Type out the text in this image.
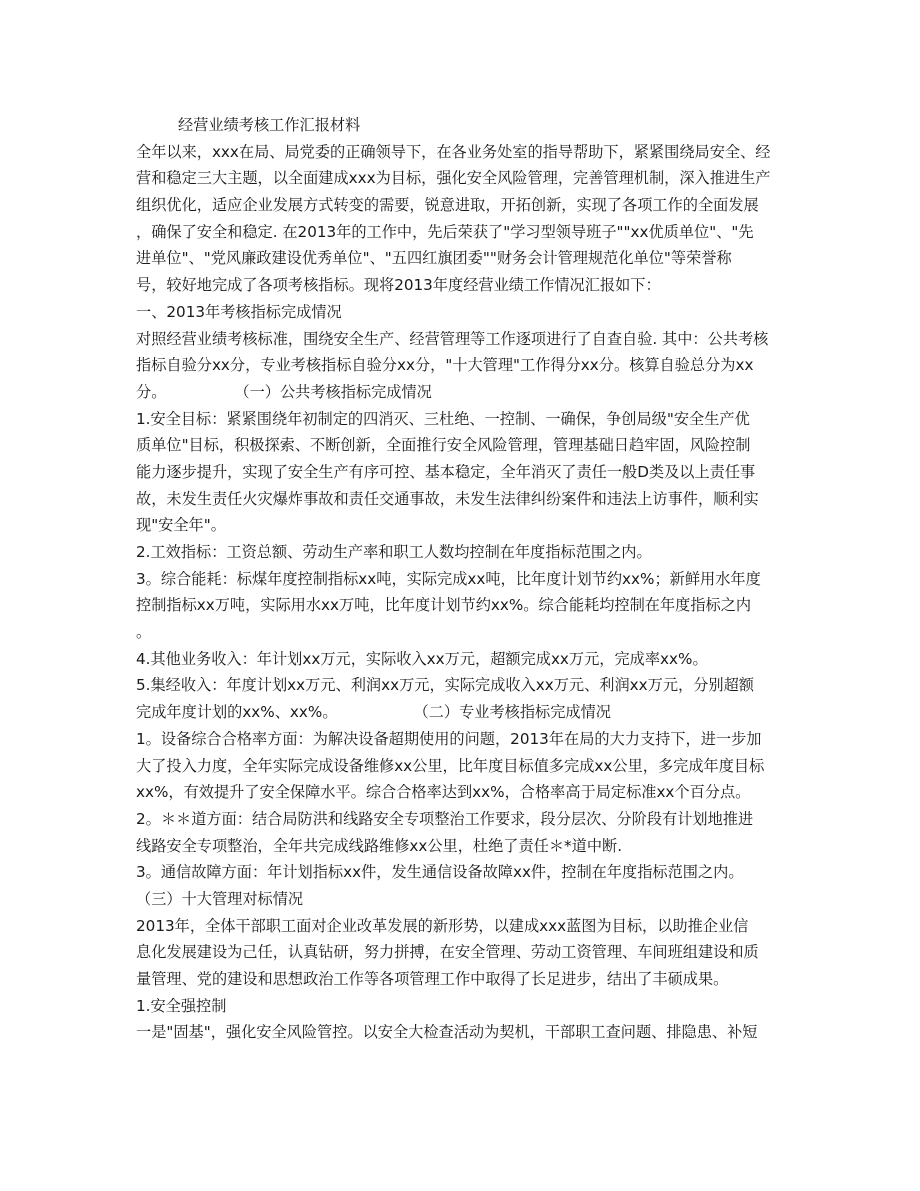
经营业绩考核工作汇报材料
全年以来，xxx在局、局党委的正确领导下，在各业务处室的指导帮助下，紧紧围绕局安全、经
营和稳定三大主题，以全面建成xxx为目标，强化安全风险管理，完善管理机制，深入推进生产
组织优化，适应企业发展方式转变的需要，锐意进取，开拓创新，实现了各项工作的全面发展
，确保了安全和稳定. 在2013年的工作中，先后荣获了"学习型领导班子""xx优质单位"、"先
进单位"、"党风廉政建设优秀单位"、"五四红旗团委""财务会计管理规范化单位"等荣誉称
号，较好地完成了各项考核指标。现将2013年度经营业绩工作情况汇报如下：
一、2013年考核指标完成情况
对照经营业绩考核标准，围绕安全生产、经营管理等工作逐项进行了自查自验. 其中：公共考核
指标自验分xx分，专业考核指标自验分xx分，"十大管理"工作得分xx分。核算自验总分为xx
分。	（一）公共考核指标完成情况
1.安全目标：紧紧围绕年初制定的四消灭、三杜绝、一控制、一确保，争创局级"安全生产优
质单位"目标，积极探索、不断创新，全面推行安全风险管理，管理基础日趋牢固，风险控制
能力逐步提升，实现了安全生产有序可控、基本稳定，全年消灭了责任一般D类及以上责任事
故，未发生责任火灾爆炸事故和责任交通事故，未发生法律纠纷案件和违法上访事件，顺利实
现"安全年"。
2.工效指标：工资总额、劳动生产率和职工人数均控制在年度指标范围之内。
3。综合能耗：标煤年度控制指标xx吨，实际完成xx吨，比年度计划节约xx%；新鲜用水年度
控制指标xx万吨，实际用水xx万吨，比年度计划节约xx%。综合能耗均控制在年度指标之内
。
4.其他业务收入：年计划xx万元，实际收入xx万元，超额完成xx万元，完成率xx%。
5.集经收入：年度计划xx万元、利润xx万元，实际完成收入xx万元、利润xx万元，分别超额
完成年度计划的xx%、xx%。	（二）专业考核指标完成情况
1。设备综合合格率方面：为解决设备超期使用的问题，2013年在局的大力支持下，进一步加
大了投入力度，全年实际完成设备维修xx公里，比年度目标值多完成xx公里，多完成年度目标
xx%，有效提升了安全保障水平。综合合格率达到xx%，合格率高于局定标准xx个百分点。
2。＊＊道方面：结合局防洪和线路安全专项整治工作要求，段分层次、分阶段有计划地推进
线路安全专项整治，全年共完成线路维修xx公里，杜绝了责任＊*道中断.
3。通信故障方面：年计划指标xx件，发生通信设备故障xx件，控制在年度指标范围之内。
（三）十大管理对标情况
2013年，全体干部职工面对企业改革发展的新形势，以建成xxx蓝图为目标，以助推企业信
息化发展建设为己任，认真钻研，努力拼搏，在安全管理、劳动工资管理、车间班组建设和质
量管理、党的建设和思想政治工作等各项管理工作中取得了长足进步，结出了丰硕成果。
1.安全强控制
一是"固基"，强化安全风险管控。以安全大检查活动为契机，干部职工查问题、排隐患、补短
